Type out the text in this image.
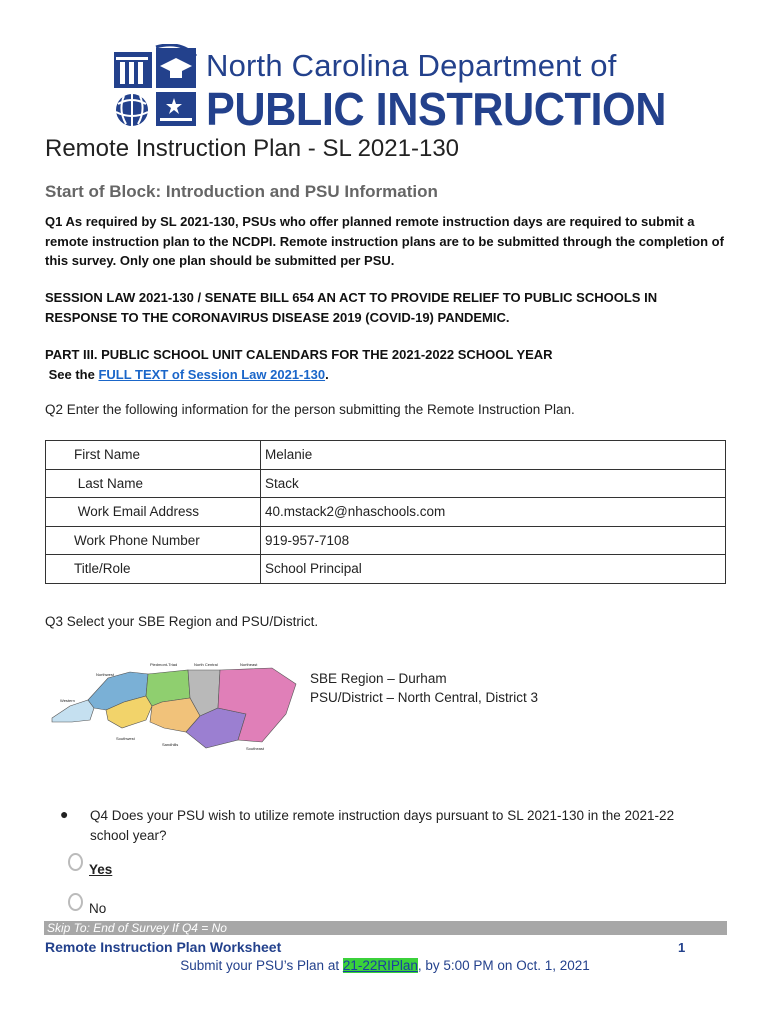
North Carolina Department of
PUBLIC INSTRUCTION
Remote Instruction Plan - SL 2021-130
Start of Block: Introduction and PSU Information
Q1 As required by SL 2021-130, PSUs who offer planned remote instruction days are required to submit a remote instruction plan to the NCDPI. Remote instruction plans are to be submitted through the completion of this survey. Only one plan should be submitted per PSU.
SESSION LAW 2021-130 / SENATE BILL 654 AN ACT TO PROVIDE RELIEF TO PUBLIC SCHOOLS IN RESPONSE TO THE CORONAVIRUS DISEASE 2019 (COVID-19) PANDEMIC.
PART III. PUBLIC SCHOOL UNIT CALENDARS FOR THE 2021-2022 SCHOOL YEAR
See the FULL TEXT of Session Law 2021-130.
Q2 Enter the following information for the person submitting the Remote Instruction Plan.
First Name	Melanie
Last Name	Stack
Work Email Address	40.mstack2@nhaschools.com
Work Phone Number	919-957-7108
Title/Role	School Principal
Q3 Select your SBE Region and PSU/District.
Northwest
Piedmont-Triad	North Central	Northeast
Western
Southwest
Sandhills
Southeast
SBE Region – Durham
PSU/District – North Central, District 3
● Q4 Does your PSU wish to utilize remote instruction days pursuant to SL 2021-130 in the 2021-22 school year?
Yes
No
Skip To: End of Survey If Q4 = No
Remote Instruction Plan Worksheet	1
Submit your PSU’s Plan at 21-22RIPlan, by 5:00 PM on Oct. 1, 2021
